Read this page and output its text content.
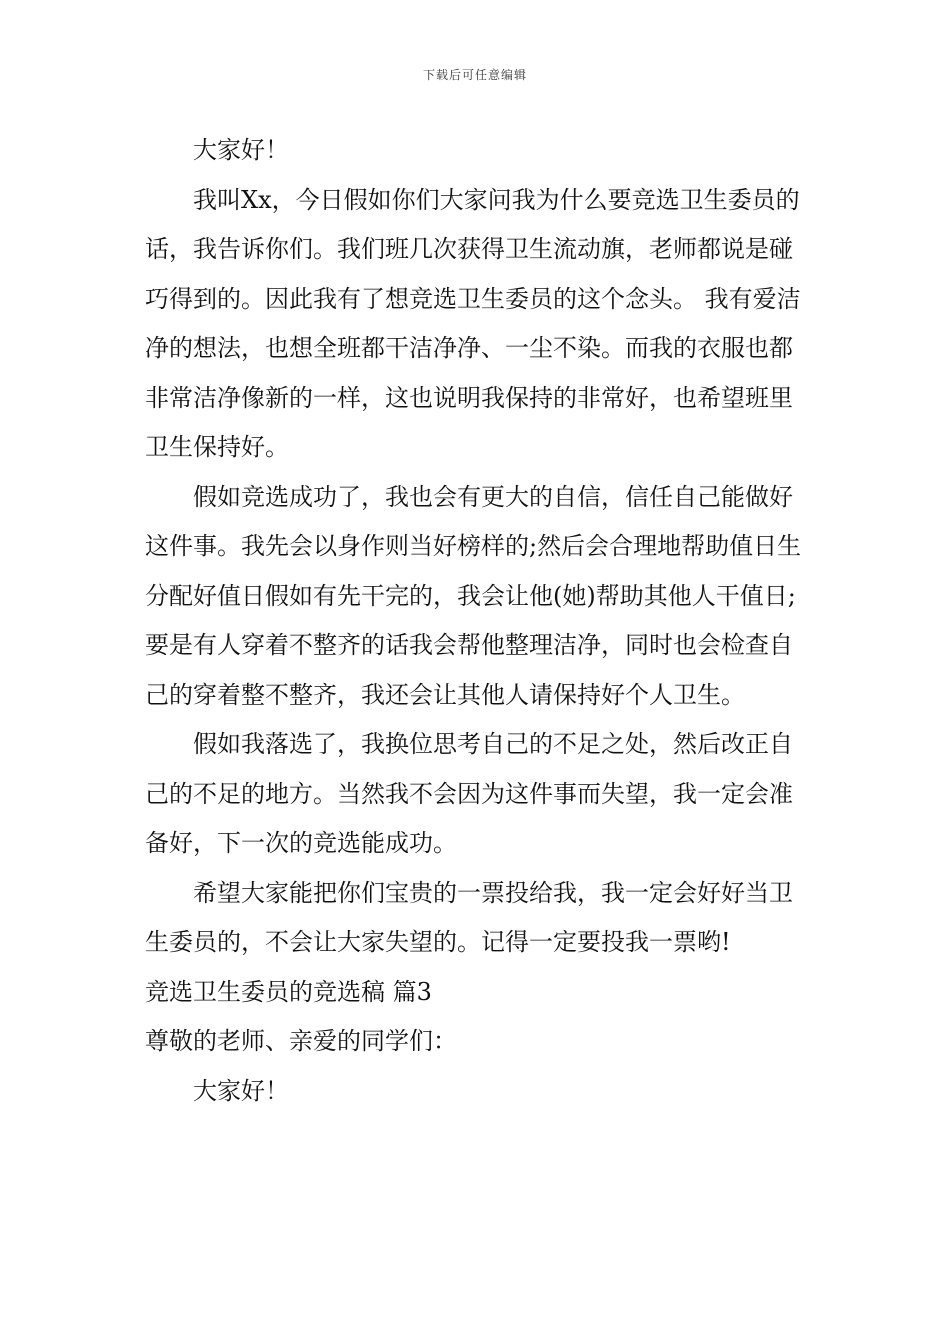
下载后可任意编辑

大家好！

我叫Xx，今日假如你们大家问我为什么要竞选卫生委员的话，我告诉你们。我们班几次获得卫生流动旗，老师都说是碰巧得到的。因此我有了想竞选卫生委员的这个念头。 我有爱洁净的想法，也想全班都干洁净净、一尘不染。而我的衣服也都非常洁净像新的一样，这也说明我保持的非常好，也希望班里卫生保持好。

假如竞选成功了，我也会有更大的自信，信任自己能做好这件事。我先会以身作则当好榜样的;然后会合理地帮助值日生分配好值日假如有先干完的，我会让他(她)帮助其他人干值日;要是有人穿着不整齐的话我会帮他整理洁净，同时也会检查自己的穿着整不整齐，我还会让其他人请保持好个人卫生。

假如我落选了，我换位思考自己的不足之处，然后改正自己的不足的地方。当然我不会因为这件事而失望，我一定会准备好，下一次的竞选能成功。

希望大家能把你们宝贵的一票投给我，我一定会好好当卫生委员的，不会让大家失望的。记得一定要投我一票哟!

竞选卫生委员的竞选稿 篇3

尊敬的老师、亲爱的同学们：

大家好！
